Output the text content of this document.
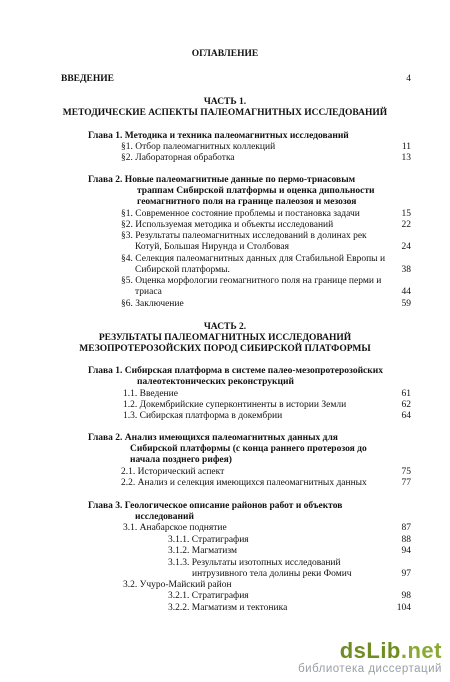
ОГЛАВЛЕНИЕ
ВВЕДЕНИЕ	4
ЧАСТЬ 1.
МЕТОДИЧЕСКИЕ АСПЕКТЫ ПАЛЕОМАГНИТНЫХ ИССЛЕДОВАНИЙ
Глава 1. Методика и техника палеомагнитных исследований
§1. Отбор палеомагнитных коллекций	11
§2. Лабораторная обработка	13
Глава 2. Новые палеомагнитные данные по пермо-триасовым
траппам Сибирской платформы и оценка дипольности
геомагнитного поля на границе палеозоя и мезозоя
§1. Современное состояние проблемы и постановка задачи	15
§2. Используемая методика и объекты исследований	22
§3. Результаты палеомагнитных исследований в долинах рек
Котуй, Большая Нирунда и Столбовая	24
§4. Селекция палеомагнитных данных для Стабильной Европы и
Сибирской платформы.	38
§5. Оценка морфологии геомагнитного поля на границе перми и
триаса	44
§6. Заключение	59
ЧАСТЬ 2.
РЕЗУЛЬТАТЫ ПАЛЕОМАГНИТНЫХ ИССЛЕДОВАНИЙ
МЕЗОПРОТЕРОЗОЙСКИХ ПОРОД СИБИРСКОЙ ПЛАТФОРМЫ
Глава 1. Сибирская платформа в системе палео-мезопротерозойских
палеотектонических реконструкций
1.1. Введение	61
1.2. Докембрийские суперконтиненты в истории Земли	62
1.3. Сибирская платформа в докембрии	64
Глава 2. Анализ имеющихся палеомагнитных данных для
Сибирской платформы (с конца раннего протерозоя до
начала позднего рифея)
2.1. Исторический аспект	75
2.2. Анализ и селекция имеющихся палеомагнитных данных	77
Глава 3. Геологическое описание районов работ и объектов
исследований
3.1. Анабарское поднятие	87
3.1.1. Стратиграфия	88
3.1.2. Магматизм	94
3.1.3. Результаты изотопных исследований
интрузивного тела долины реки Фомич	97
3.2. Учуро-Майский район
3.2.1. Стратиграфия	98
3.2.2. Магматизм и тектоника	104
dsLib.net
библиотека диссертаций
